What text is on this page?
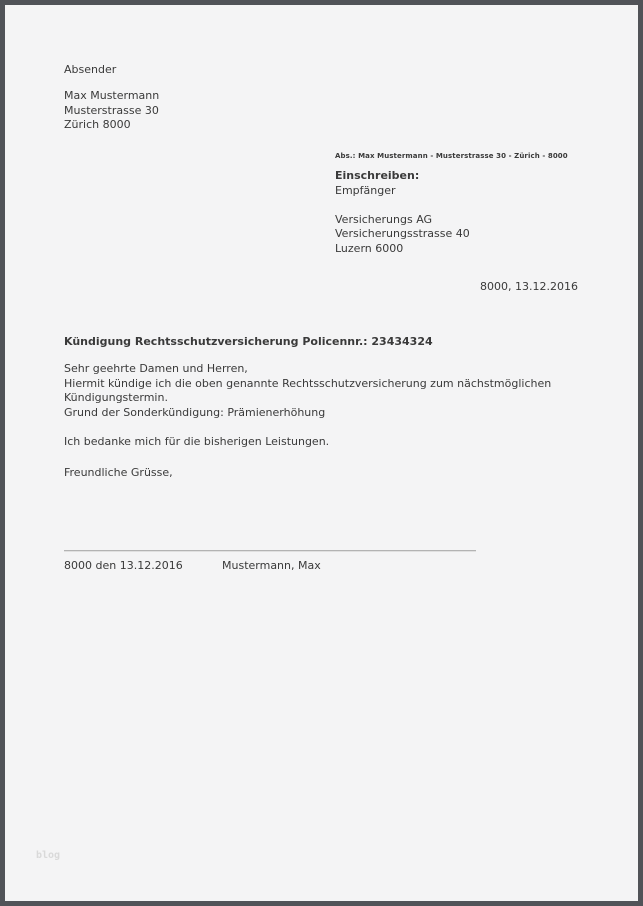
Absender
Max Mustermann
Musterstrasse 30
Zürich 8000
Abs.: Max Mustermann - Musterstrasse 30 - Zürich - 8000
Einschreiben:
Empfänger
Versicherungs AG
Versicherungsstrasse 40
Luzern 6000
8000, 13.12.2016
Kündigung Rechtsschutzversicherung Policennr.: 23434324
Sehr geehrte Damen und Herren,
Hiermit kündige ich die oben genannte Rechtsschutzversicherung zum nächstmöglichen
Kündigungstermin.
Grund der Sonderkündigung: Prämienerhöhung
Ich bedanke mich für die bisherigen Leistungen.
Freundliche Grüsse,
8000 den 13.12.2016	Mustermann, Max
blog
